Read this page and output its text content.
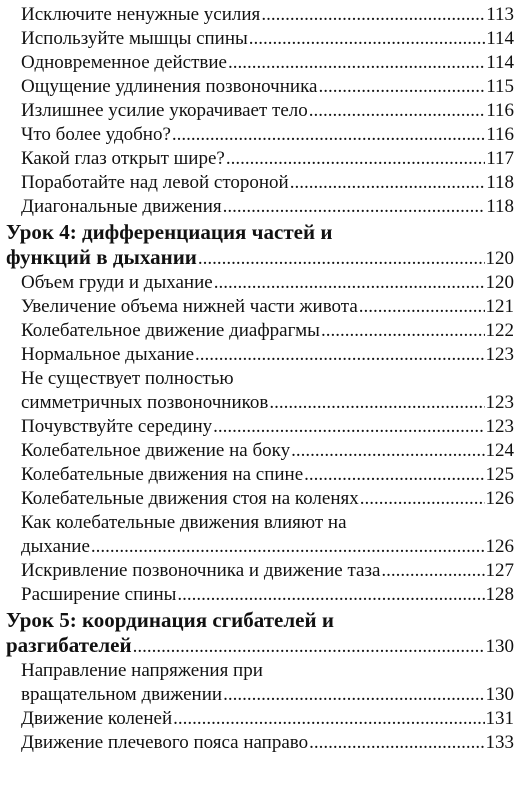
Исключите ненужные усилия .....	113
Используйте мышцы спины .....	114
Одновременное действие .....	114
Ощущение удлинения позвоночника .....	115
Излишнее усилие укорачивает тело .....	116
Что более удобно? .....	116
Какой глаз открыт шире? .....	117
Поработайте над левой стороной .....	118
Диагональные движения .....	118
Урок 4: дифференциация частей и
функций в дыхании .....	120
Объем груди и дыхание .....	120
Увеличение объема нижней части живота .....	121
Колебательное движение диафрагмы .....	122
Нормальное дыхание .....	123
Не существует полностью
симметричных позвоночников .....	123
Почувствуйте середину .....	123
Колебательное движение на боку .....	124
Колебательные движения на спине .....	125
Колебательные движения стоя на коленях .....	126
Как колебательные движения влияют на
дыхание .....	126
Искривление позвоночника и движение таза .....	127
Расширение спины .....	128
Урок 5: координация сгибателей и
разгибателей .....	130
Направление напряжения при
вращательном движении .....	130
Движение коленей .....	131
Движение плечевого пояса направо .....	133
